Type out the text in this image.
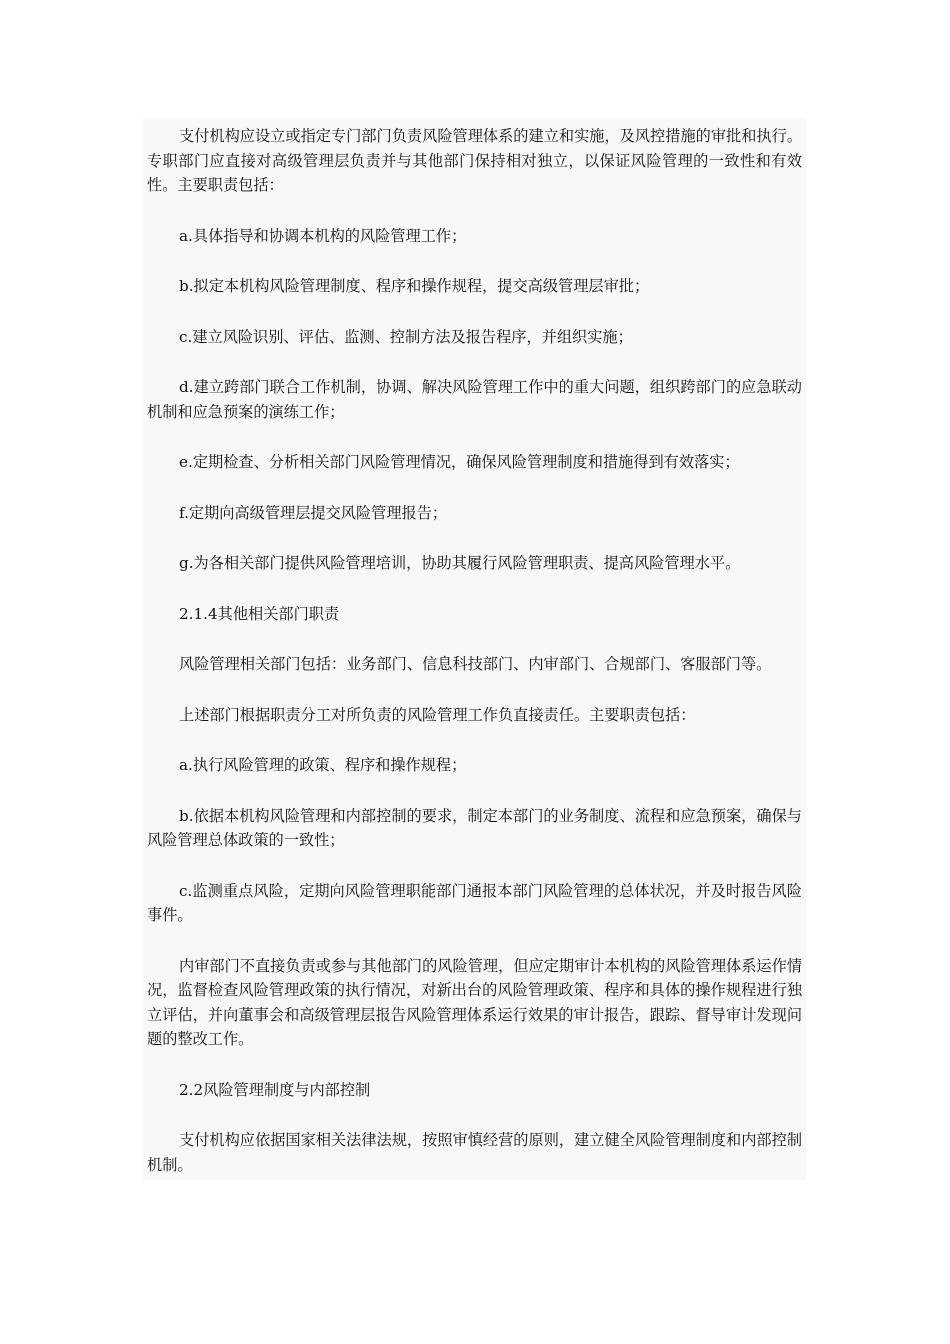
支付机构应设立或指定专门部门负责风险管理体系的建立和实施，及风控措施的审批和执行。专职部门应直接对高级管理层负责并与其他部门保持相对独立，以保证风险管理的一致性和有效性。主要职责包括：

a.具体指导和协调本机构的风险管理工作；

b.拟定本机构风险管理制度、程序和操作规程，提交高级管理层审批；

c.建立风险识别、评估、监测、控制方法及报告程序，并组织实施；

d.建立跨部门联合工作机制，协调、解决风险管理工作中的重大问题，组织跨部门的应急联动机制和应急预案的演练工作；

e.定期检查、分析相关部门风险管理情况，确保风险管理制度和措施得到有效落实；

f.定期向高级管理层提交风险管理报告；

g.为各相关部门提供风险管理培训，协助其履行风险管理职责、提高风险管理水平。

2.1.4其他相关部门职责

风险管理相关部门包括：业务部门、信息科技部门、内审部门、合规部门、客服部门等。

上述部门根据职责分工对所负责的风险管理工作负直接责任。主要职责包括：

a.执行风险管理的政策、程序和操作规程；

b.依据本机构风险管理和内部控制的要求，制定本部门的业务制度、流程和应急预案，确保与风险管理总体政策的一致性；

c.监测重点风险，定期向风险管理职能部门通报本部门风险管理的总体状况，并及时报告风险事件。

内审部门不直接负责或参与其他部门的风险管理，但应定期审计本机构的风险管理体系运作情况，监督检查风险管理政策的执行情况，对新出台的风险管理政策、程序和具体的操作规程进行独立评估，并向董事会和高级管理层报告风险管理体系运行效果的审计报告，跟踪、督导审计发现问题的整改工作。

2.2风险管理制度与内部控制

支付机构应依据国家相关法律法规，按照审慎经营的原则，建立健全风险管理制度和内部控制机制。
